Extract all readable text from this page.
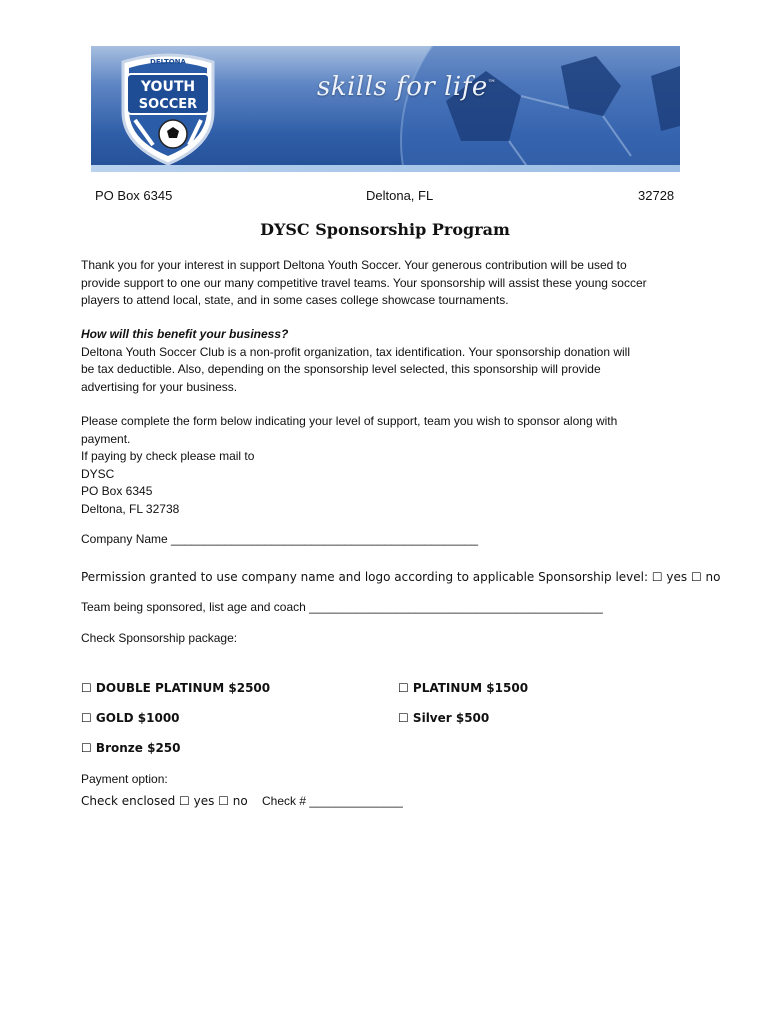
DELTONA
YOUTH
SOCCER
skills for life™
PO Box 6345	Deltona, FL	32728
DYSC Sponsorship Program
Thank you for your interest in support Deltona Youth Soccer. Your generous contribution will be used to
provide support to one our many competitive travel teams. Your sponsorship will assist these young soccer
players to attend local, state, and in some cases college showcase tournaments.
How will this benefit your business?
Deltona Youth Soccer Club is a non-profit organization, tax identification. Your sponsorship donation will
be tax deductible. Also, depending on the sponsorship level selected, this sponsorship will provide
advertising for your business.
Please complete the form below indicating your level of support, team you wish to sponsor along with
payment.
If paying by check please mail to
DYSC
PO Box 6345
Deltona, FL 32738
Company Name ______________________________________________
Permission granted to use company name and logo according to applicable Sponsorship level: ☐ yes ☐ no
Team being sponsored, list age and coach ____________________________________________
Check Sponsorship package:
☐ DOUBLE PLATINUM $2500	☐ PLATINUM $1500
☐ GOLD $1000	☐ Silver $500
☐ Bronze $250
Payment option:
Check enclosed ☐ yes ☐ no Check # ______________
